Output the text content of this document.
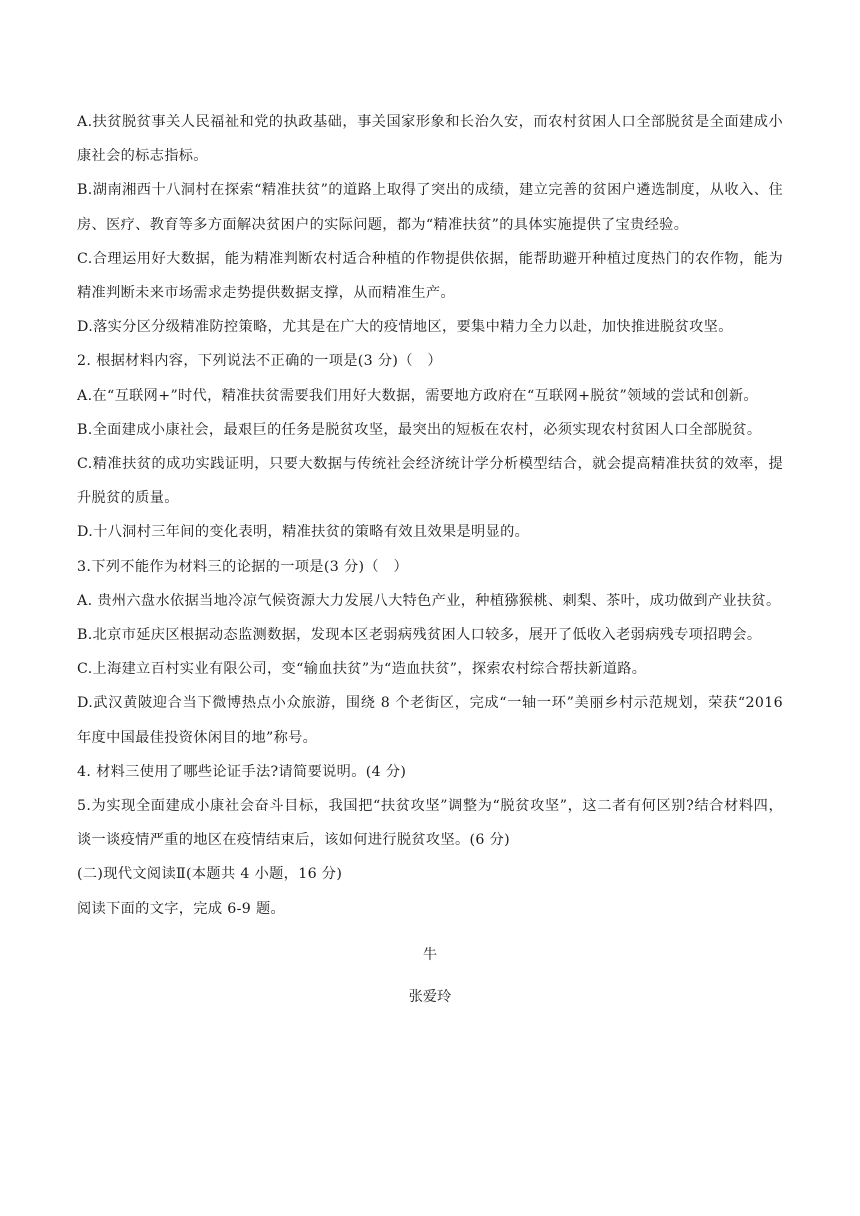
A.扶贫脱贫事关人民福祉和党的执政基础，事关国家形象和长治久安，而农村贫困人口全部脱贫是全面建成小康社会的标志指标。

B.湖南湘西十八洞村在探索“精准扶贫”的道路上取得了突出的成绩，建立完善的贫困户遴选制度，从收入、住房、医疗、教育等多方面解决贫困户的实际问题，都为“精准扶贫”的具体实施提供了宝贵经验。

C.合理运用好大数据，能为精准判断农村适合种植的作物提供依据，能帮助避开种植过度热门的农作物，能为精准判断未来市场需求走势提供数据支撑，从而精准生产。

D.落实分区分级精准防控策略，尤其是在广大的疫情地区，要集中精力全力以赴，加快推进脱贫攻坚。

2. 根据材料内容，下列说法不正确的一项是(3 分)（　）

A.在“互联网+”时代，精准扶贫需要我们用好大数据，需要地方政府在“互联网+脱贫”领域的尝试和创新。

B.全面建成小康社会，最艰巨的任务是脱贫攻坚，最突出的短板在农村，必须实现农村贫困人口全部脱贫。

C.精准扶贫的成功实践证明，只要大数据与传统社会经济统计学分析模型结合，就会提高精准扶贫的效率，提升脱贫的质量。

D.十八洞村三年间的变化表明，精准扶贫的策略有效且效果是明显的。

3.下列不能作为材料三的论据的一项是(3 分)（　）

A. 贵州六盘水依据当地冷凉气候资源大力发展八大特色产业，种植猕猴桃、刺梨、茶叶，成功做到产业扶贫。

B.北京市延庆区根据动态监测数据，发现本区老弱病残贫困人口较多，展开了低收入老弱病残专项招聘会。

C.上海建立百村实业有限公司，变“输血扶贫”为“造血扶贫”，探索农村综合帮扶新道路。

D.武汉黄陂迎合当下微博热点小众旅游，围绕 8 个老街区，完成“一轴一环”美丽乡村示范规划，荣获“2016 年度中国最佳投资休闲目的地”称号。

4. 材料三使用了哪些论证手法?请简要说明。(4 分)

5.为实现全面建成小康社会奋斗目标，我国把“扶贫攻坚”调整为“脱贫攻坚”，这二者有何区别?结合材料四，谈一谈疫情严重的地区在疫情结束后，该如何进行脱贫攻坚。(6 分)

(二)现代文阅读Ⅱ(本题共 4 小题，16 分)

阅读下面的文字，完成 6-9 题。

牛

张爱玲
